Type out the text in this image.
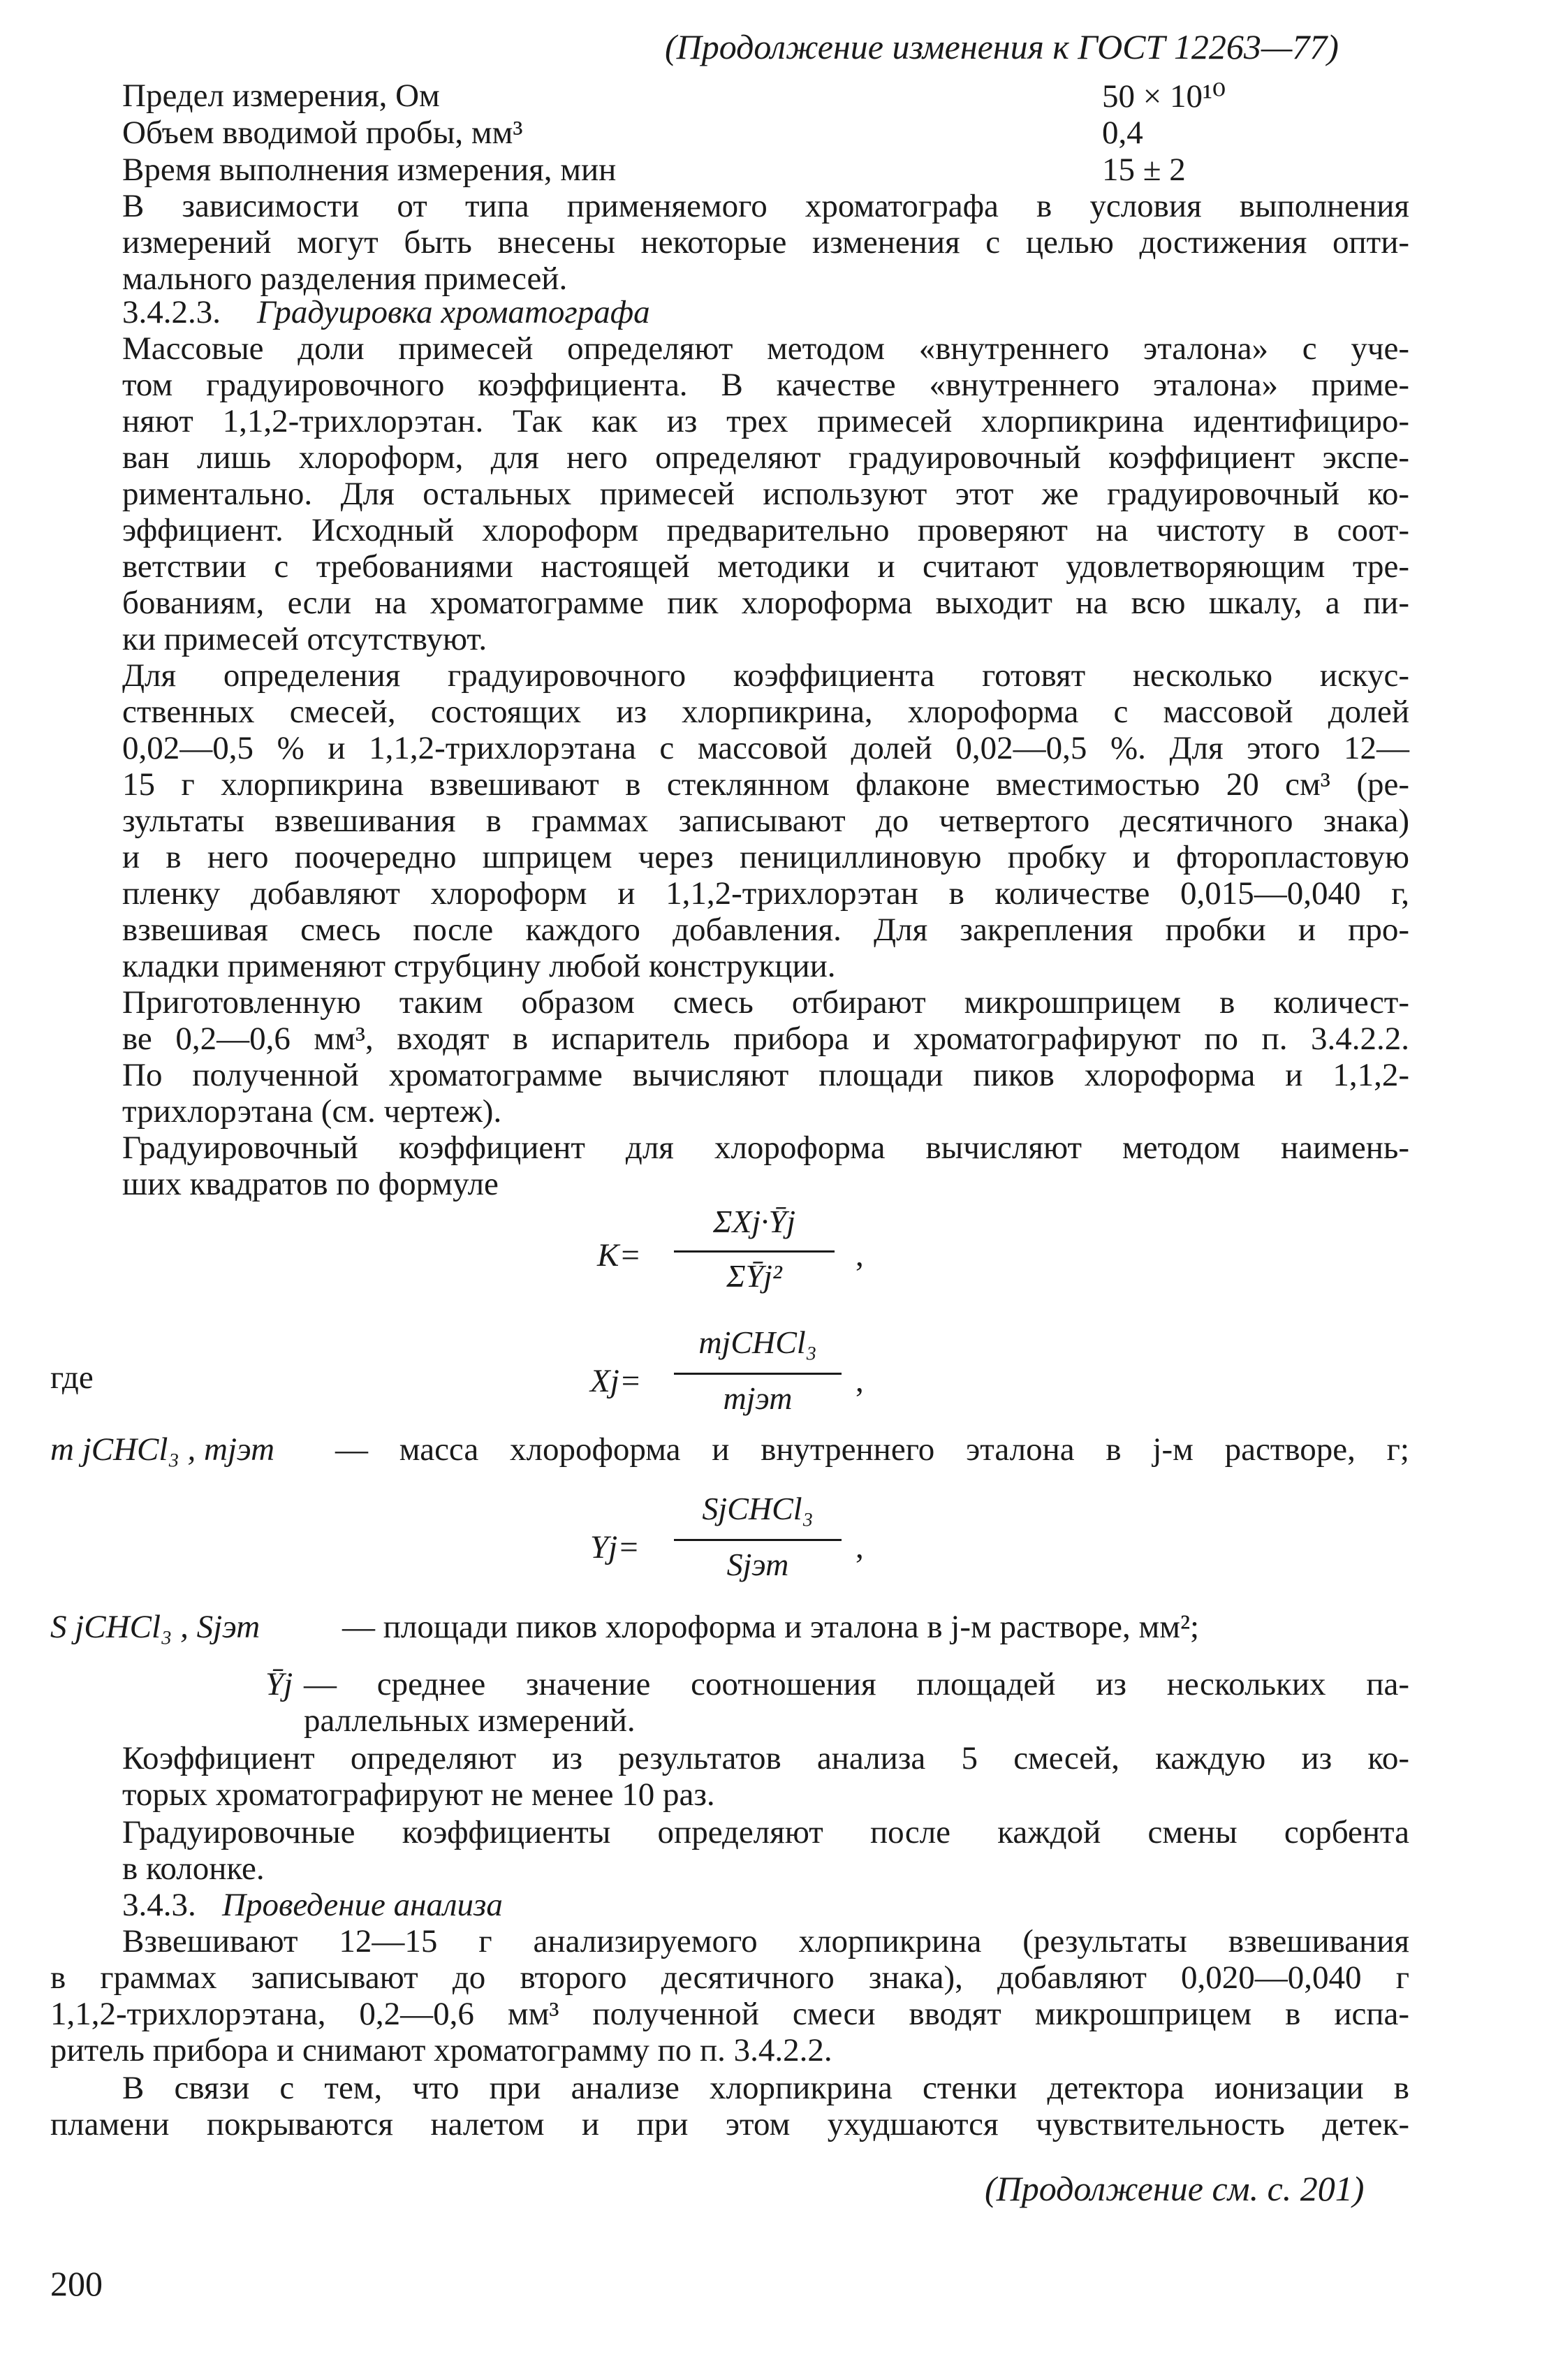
(Продолжение изменения к ГОСТ 12263—77)
Предел измерения, Ом	50 × 10¹⁰
Объем вводимой пробы, мм³	0,4
Время выполнения измерения, мин	15 ± 2
В зависимости от типа применяемого хроматографа в условия выполнения
измерений могут быть внесены некоторые изменения с целью достижения опти-
мального разделения примесей.
3.4.2.3. Градуировка хроматографа
Массовые доли примесей определяют методом «внутреннего эталона» с уче-
том градуировочного коэффициента. В качестве «внутреннего эталона» приме-
няют 1,1,2-трихлорэтан. Так как из трех примесей хлорпикрина идентифициро-
ван лишь хлороформ, для него определяют градуировочный коэффициент экспе-
риментально. Для остальных примесей используют этот же градуировочный ко-
эффициент. Исходный хлороформ предварительно проверяют на чистоту в соот-
ветствии с требованиями настоящей методики и считают удовлетворяющим тре-
бованиям, если на хроматограмме пик хлороформа выходит на всю шкалу, а пи-
ки примесей отсутствуют.
Для определения градуировочного коэффициента готовят несколько искус-
ственных смесей, состоящих из хлорпикрина, хлороформа с массовой долей
0,02—0,5 % и 1,1,2-трихлорэтана с массовой долей 0,02—0,5 %. Для этого 12—
15 г хлорпикрина взвешивают в стеклянном флаконе вместимостью 20 см³ (ре-
зультаты взвешивания в граммах записывают до четвертого десятичного знака)
и в него поочередно шприцем через пенициллиновую пробку и фторопластовую
пленку добавляют хлороформ и 1,1,2-трихлорэтан в количестве 0,015—0,040 г,
взвешивая смесь после каждого добавления. Для закрепления пробки и про-
кладки применяют струбцину любой конструкции.
Приготовленную таким образом смесь отбирают микрошприцем в количест-
ве 0,2—0,6 мм³, входят в испаритель прибора и хроматографируют по п. 3.4.2.2.
По полученной хроматограмме вычисляют площади пиков хлороформа и 1,1,2-
трихлорэтана (см. чертеж).
Градуировочный коэффициент для хлороформа вычисляют методом наимень-
ших квадратов по формуле
K=
ΣXj·Ȳj
ΣȲj²
,
где	Xj=
mjCHCl₃
mjэт	,
m jCHCl₃ , mjэт — масса хлороформа и внутреннего эталона в j-м растворе, г;
Yj=
SjCHCl₃
Sjэт	,
S jCHCl₃ , Sjэт	— площади пиков хлороформа и эталона в j-м растворе, мм²;
Ȳj — среднее значение соотношения площадей из нескольких па-
раллельных измерений.
Коэффициент определяют из результатов анализа 5 смесей, каждую из ко-
торых хроматографируют не менее 10 раз.
Градуировочные коэффициенты определяют после каждой смены сорбента
в колонке.
3.4.3. Проведение анализа
Взвешивают 12—15 г анализируемого хлорпикрина (результаты взвешивания
в граммах записывают до второго десятичного знака), добавляют 0,020—0,040 г
1,1,2-трихлорэтана, 0,2—0,6 мм³ полученной смеси вводят микрошприцем в испа-
ритель прибора и снимают хроматограмму по п. 3.4.2.2.
В связи с тем, что при анализе хлорпикрина стенки детектора ионизации в
пламени покрываются налетом и при этом ухудшаются чувствительность детек-
(Продолжение см. с. 201)
200
